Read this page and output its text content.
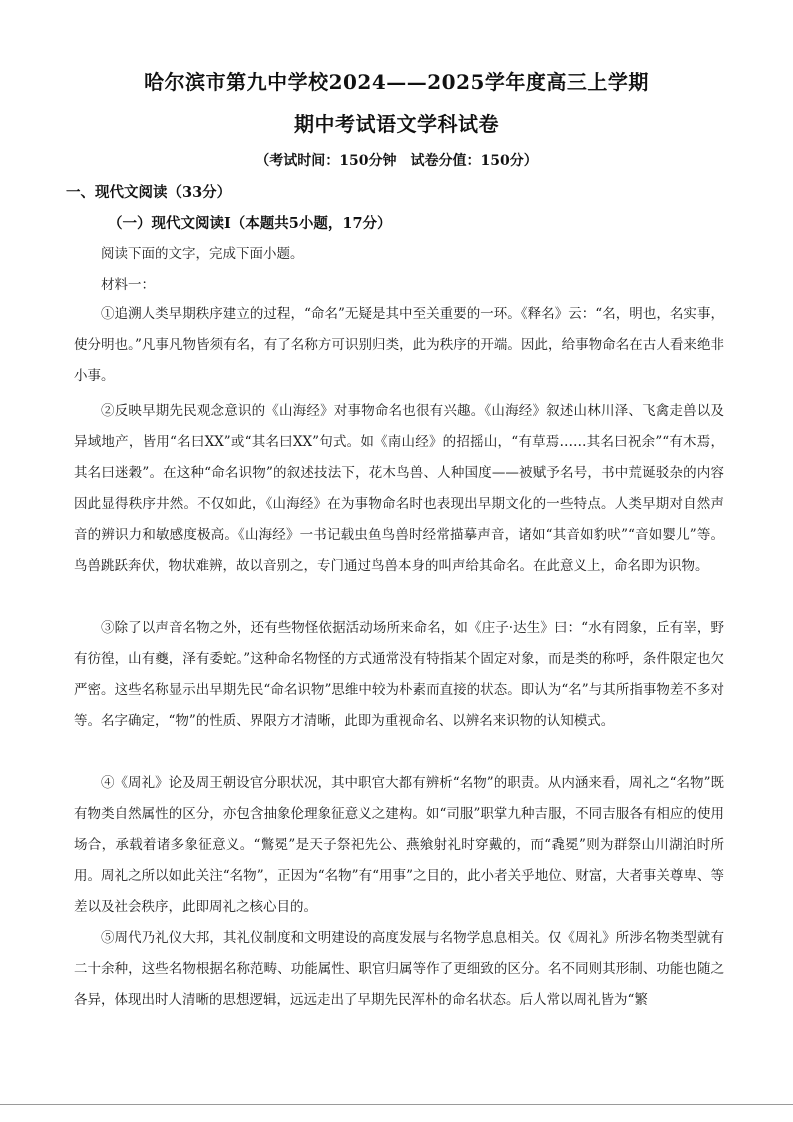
哈尔滨市第九中学校2024——2025学年度高三上学期
期中考试语文学科试卷
（考试时间：150分钟　试卷分值：150分）
一、现代文阅读（33分）
（一）现代文阅读Ⅰ（本题共5小题，17分）
阅读下面的文字，完成下面小题。
材料一：

①追溯人类早期秩序建立的过程，“命名”无疑是其中至关重要的一环。《释名》云：“名，明也，名实事，使分明也。”凡事凡物皆须有名，有了名称方可识别归类，此为秩序的开端。因此，给事物命名在古人看来绝非小事。

②反映早期先民观念意识的《山海经》对事物命名也很有兴趣。《山海经》叙述山林川泽、飞禽走兽以及异域地产，皆用“名曰XX”或“其名曰XX”句式。如《南山经》的招摇山，“有草焉……其名曰祝余”“有木焉，其名曰迷穀”。在这种“命名识物”的叙述技法下，花木鸟兽、人种国度——被赋予名号，书中荒诞驳杂的内容因此显得秩序井然。不仅如此，《山海经》在为事物命名时也表现出早期文化的一些特点。人类早期对自然声音的辨识力和敏感度极高。《山海经》一书记载虫鱼鸟兽时经常描摹声音，诸如“其音如豹吠”“音如婴儿”等。鸟兽跳跃奔伏，物状难辨，故以音别之，专门通过鸟兽本身的叫声给其命名。在此意义上，命名即为识物。

③除了以声音名物之外，还有些物怪依据活动场所来命名，如《庄子·达生》曰：“水有罔象，丘有峷，野有彷徨，山有夔，泽有委蛇。”这种命名物怪的方式通常没有特指某个固定对象，而是类的称呼，条件限定也欠严密。这些名称显示出早期先民“命名识物”思维中较为朴素而直接的状态。即认为“名”与其所指事物差不多对等。名字确定，“物”的性质、界限方才清晰，此即为重视命名、以辨名来识物的认知模式。

④《周礼》论及周王朝设官分职状况，其中职官大都有辨析“名物”的职责。从内涵来看，周礼之“名物”既有物类自然属性的区分，亦包含抽象伦理象征意义之建构。如“司服”职掌九种吉服，不同吉服各有相应的使用场合，承载着诸多象征意义。“鷩冕”是天子祭祀先公、燕飨射礼时穿戴的，而“毳冕”则为群祭山川湖泊时所用。周礼之所以如此关注“名物”，正因为“名物”有“用事”之目的，此小者关乎地位、财富，大者事关尊卑、等差以及社会秩序，此即周礼之核心目的。

⑤周代乃礼仪大邦，其礼仪制度和文明建设的高度发展与名物学息息相关。仅《周礼》所涉名物类型就有二十余种，这些名物根据名称范畴、功能属性、职官归属等作了更细致的区分。名不同则其形制、功能也随之各异，体现出时人清晰的思想逻辑，远远走出了早期先民浑朴的命名状态。后人常以周礼皆为“繁
